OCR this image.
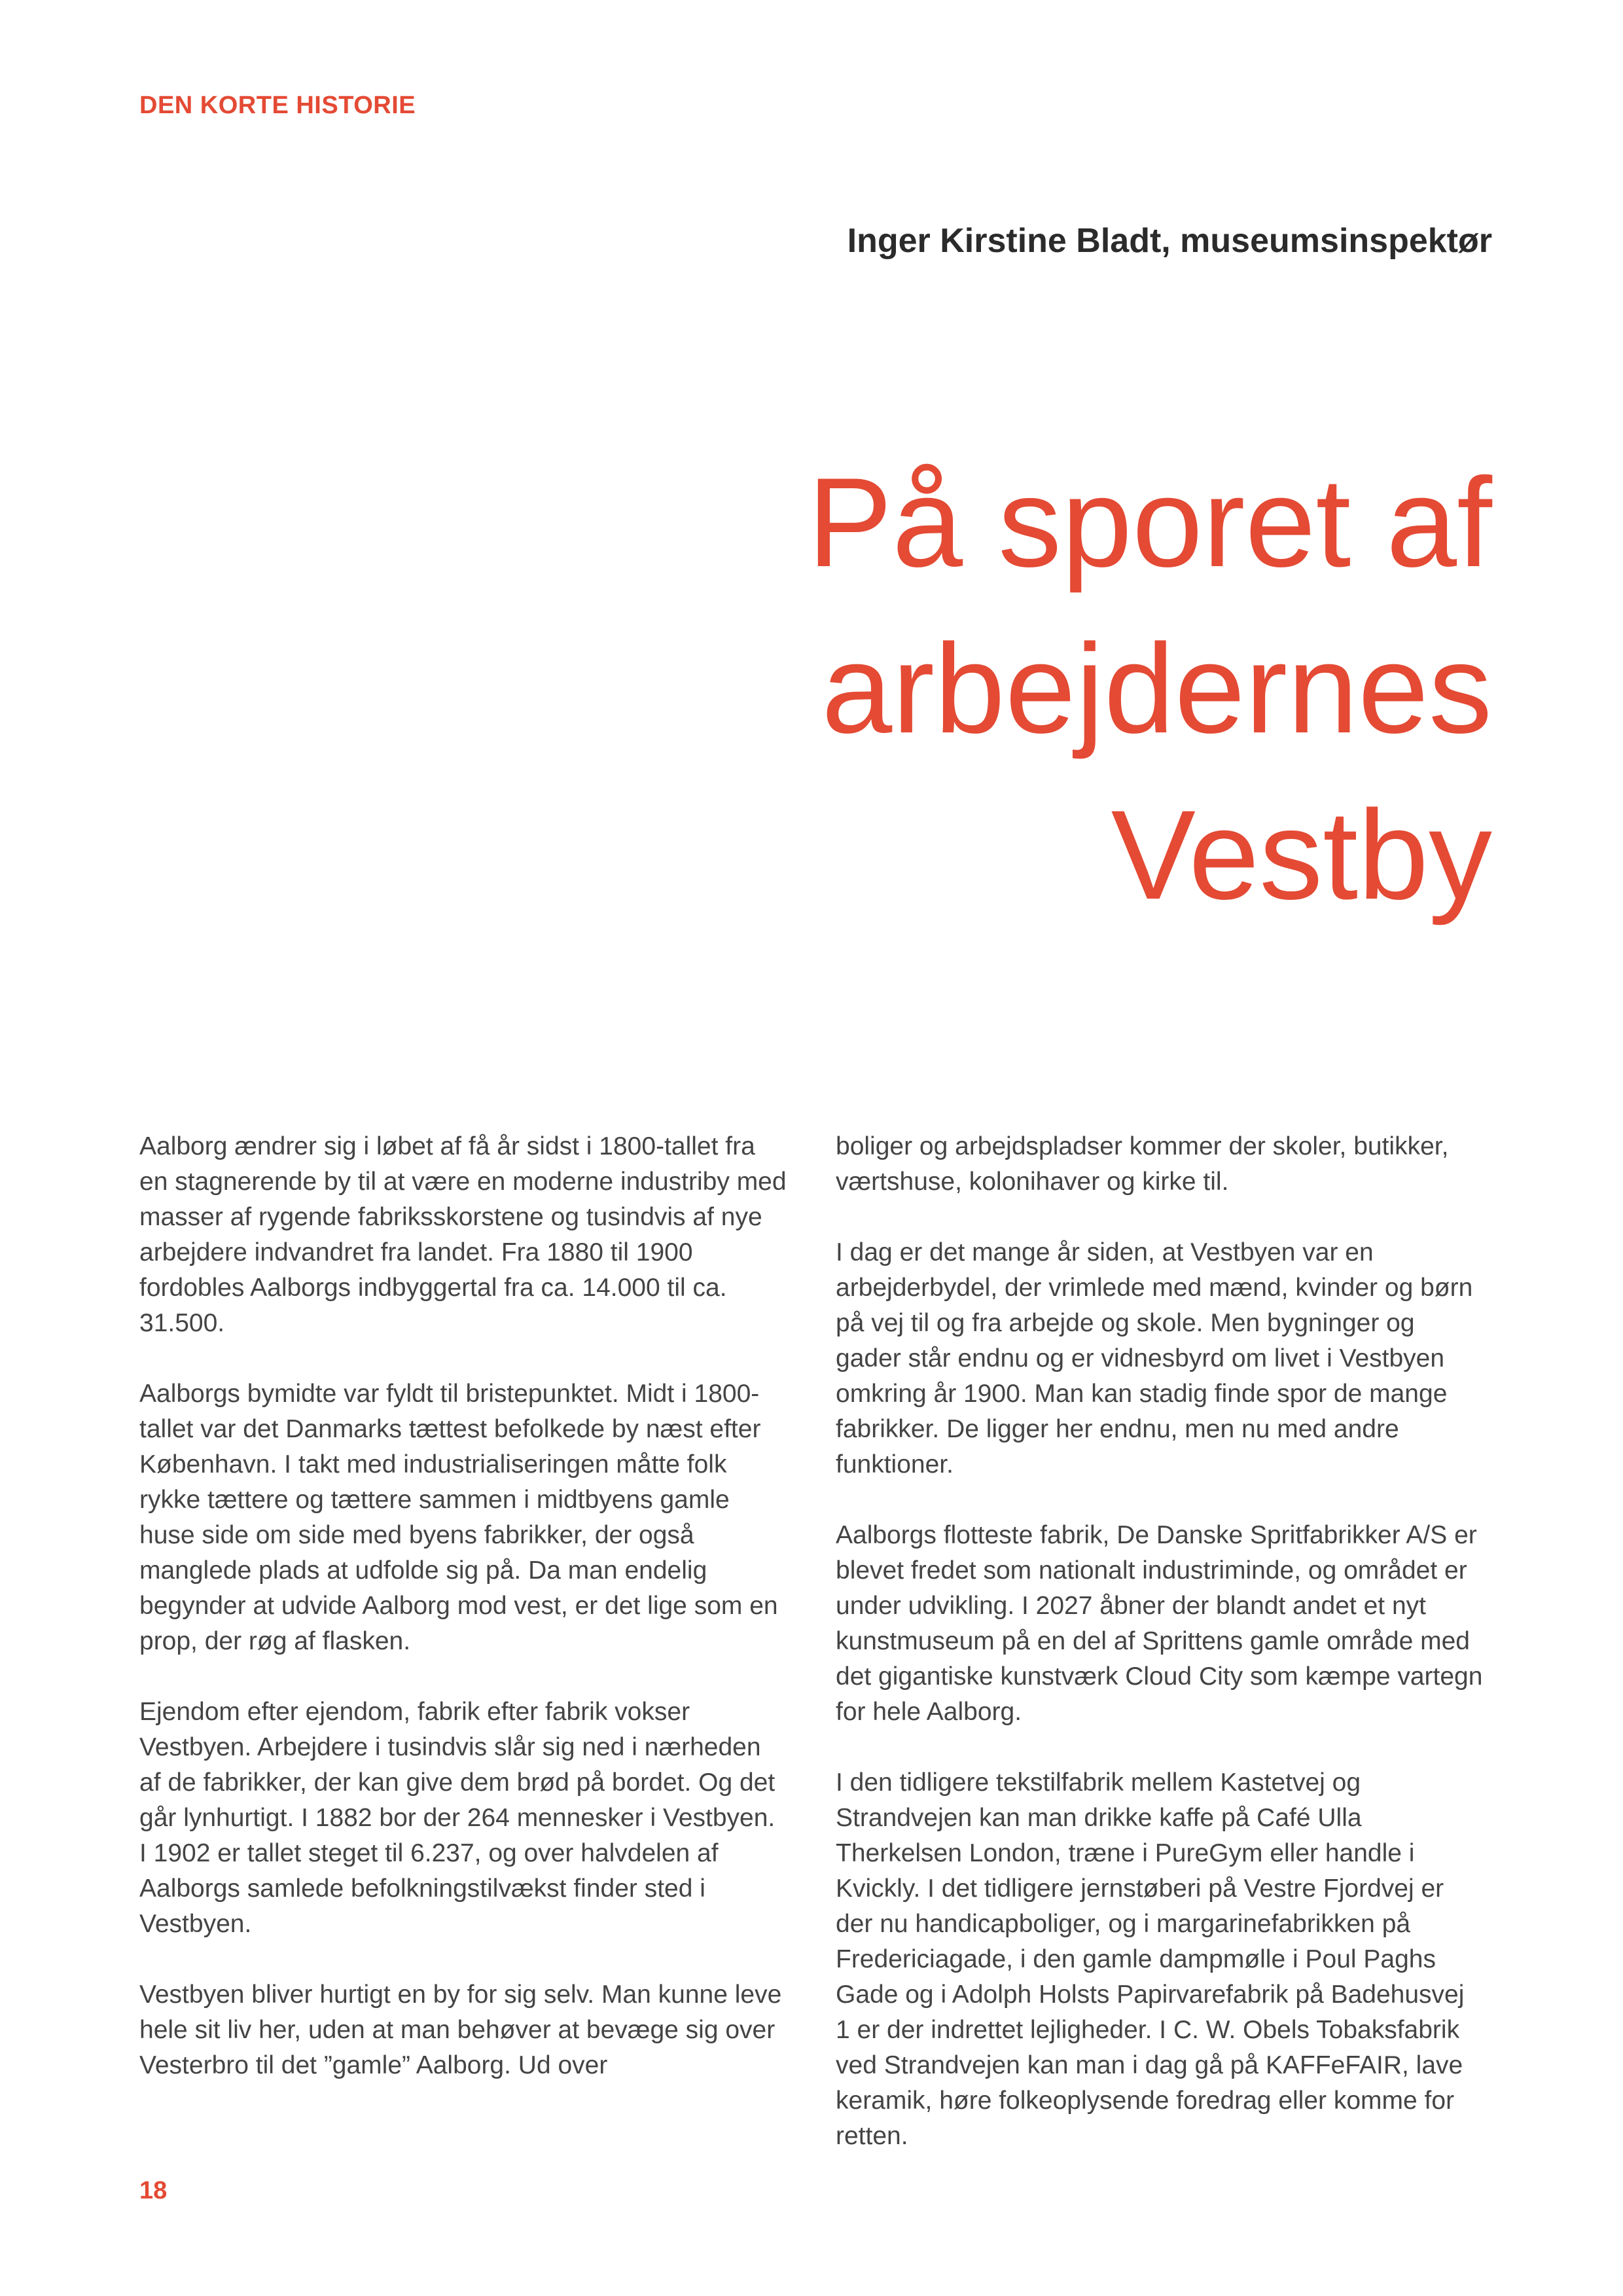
DEN KORTE HISTORIE
Inger Kirstine Bladt, museumsinspektør
På sporet af
arbejdernes
Vestby

Aalborg ændrer sig i løbet af få år sidst i 1800-tallet fra en stagnerende by til at være en moderne industriby med masser af rygende fabriksskorstene og tusindvis af nye arbejdere indvandret fra landet. Fra 1880 til 1900 fordobles Aalborgs indbyggertal fra ca. 14.000 til ca. 31.500.

Aalborgs bymidte var fyldt til bristepunktet. Midt i 1800-tallet var det Danmarks tættest befolkede by næst efter København. I takt med industrialiseringen måtte folk rykke tættere og tættere sammen i midtbyens gamle huse side om side med byens fabrikker, der også manglede plads at udfolde sig på. Da man endelig begynder at udvide Aalborg mod vest, er det lige som en prop, der røg af flasken.

Ejendom efter ejendom, fabrik efter fabrik vokser Vestbyen. Arbejdere i tusindvis slår sig ned i nærheden af de fabrikker, der kan give dem brød på bordet. Og det går lynhurtigt. I 1882 bor der 264 mennesker i Vestbyen. I 1902 er tallet steget til 6.237, og over halvdelen af Aalborgs samlede befolkningstilvækst finder sted i Vestbyen.

Vestbyen bliver hurtigt en by for sig selv. Man kunne leve hele sit liv her, uden at man behøver at bevæge sig over Vesterbro til det ”gamle” Aalborg. Ud over

boliger og arbejdspladser kommer der skoler, butikker, værtshuse, kolonihaver og kirke til.

I dag er det mange år siden, at Vestbyen var en arbejderbydel, der vrimlede med mænd, kvinder og børn på vej til og fra arbejde og skole. Men bygninger og gader står endnu og er vidnesbyrd om livet i Vestbyen omkring år 1900. Man kan stadig finde spor de mange fabrikker. De ligger her endnu, men nu med andre funktioner.

Aalborgs flotteste fabrik, De Danske Spritfabrikker A/S er blevet fredet som nationalt industriminde, og området er under udvikling. I 2027 åbner der blandt andet et nyt kunstmuseum på en del af Sprittens gamle område med det gigantiske kunstværk Cloud City som kæmpe vartegn for hele Aalborg.

I den tidligere tekstilfabrik mellem Kastetvej og Strandvejen kan man drikke kaffe på Café Ulla Therkelsen London, træne i PureGym eller handle i Kvickly. I det tidligere jernstøberi på Vestre Fjordvej er der nu handicapboliger, og i margarinefabrikken på Fredericiagade, i den gamle dampmølle i Poul Paghs Gade og i Adolph Holsts Papirvarefabrik på Badehusvej 1 er der indrettet lejligheder. I C. W. Obels Tobaksfabrik ved Strandvejen kan man i dag gå på KAFFeFAIR, lave keramik, høre folkeoplysende foredrag eller komme for retten.

18
